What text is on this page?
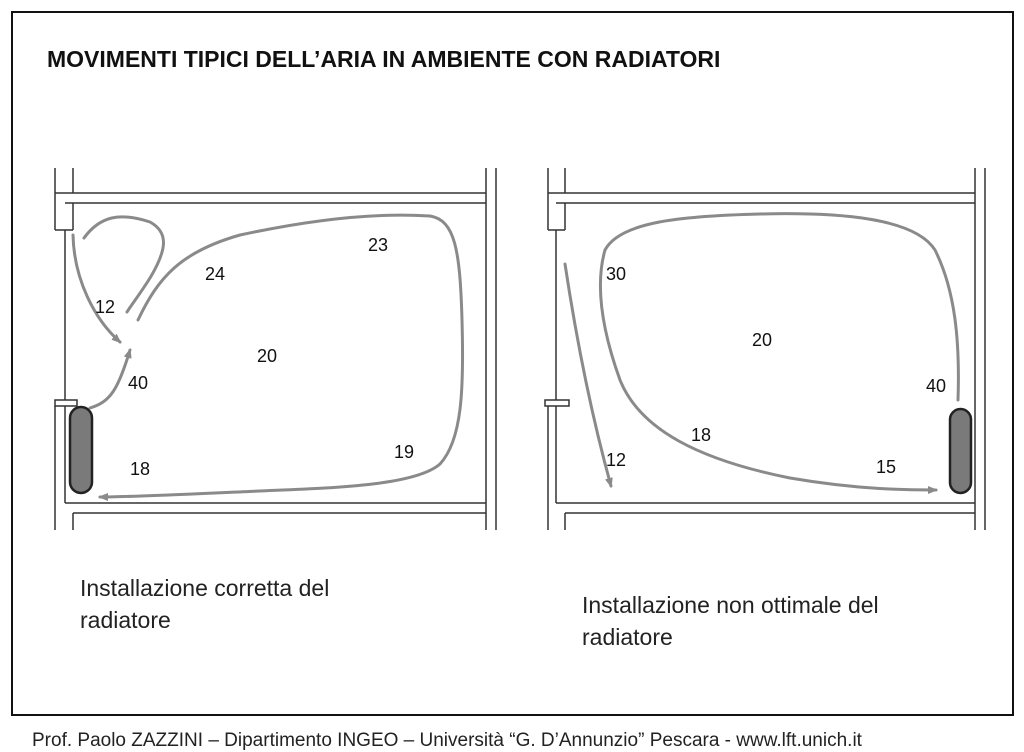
MOVIMENTI TIPICI DELL’ARIA IN AMBIENTE CON RADIATORI
12
24
23
20
40
18
19
30
20
40
18
12	15
Installazione corretta del
radiatore
Installazione non ottimale del
radiatore
Prof. Paolo ZAZZINI – Dipartimento INGEO – Università “G. D’Annunzio” Pescara - www.lft.unich.it
